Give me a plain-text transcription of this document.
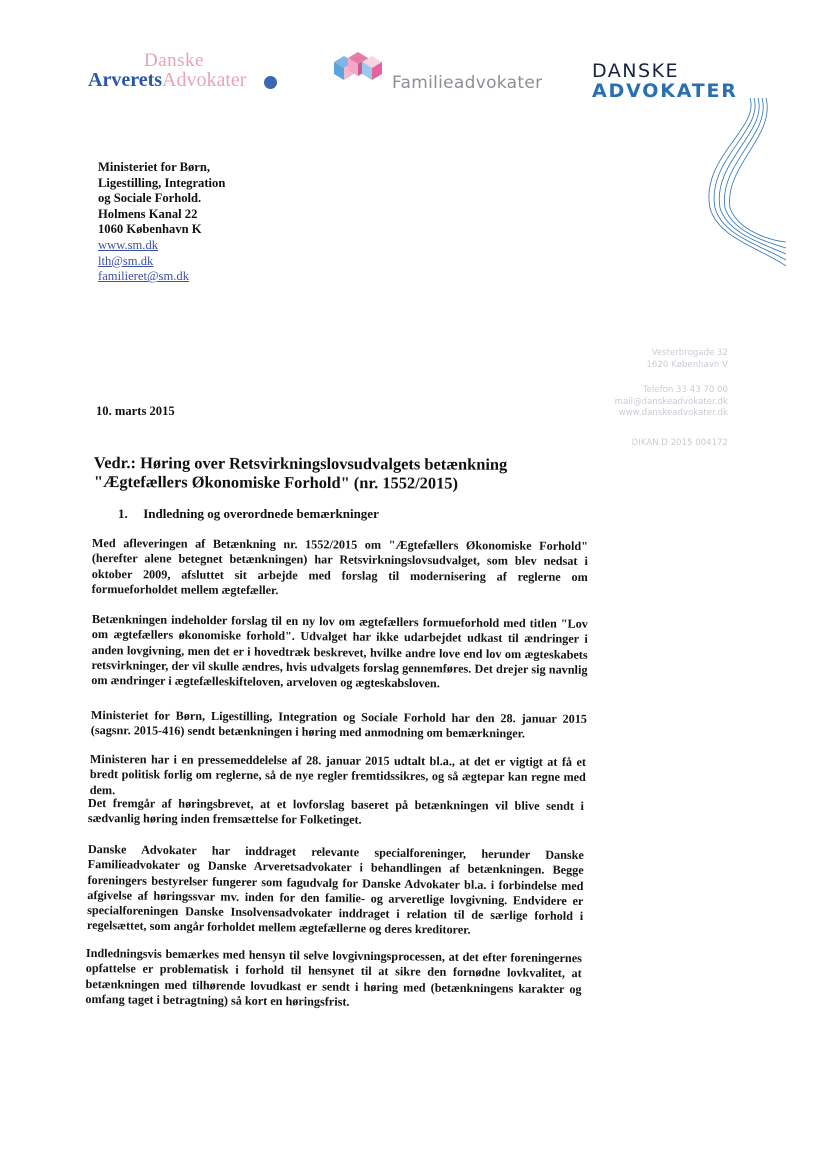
Danske
ArveretsAdvokater	Familieadvokater
DANSKE
ADVOKATER
Ministeriet for Børn,
Ligestilling, Integration
og Sociale Forhold.
Holmens Kanal 22
1060 København K
www.sm.dk
lth@sm.dk
familieret@sm.dk
Vesterbrogade 32
1620 København V
Telefon 33 43 70 00
mail@danskeadvokater.dk
www.danskeadvokater.dk
DIKAN.D 2015 004172
10. marts 2015
Vedr.: Høring over Retsvirkningslovsudvalgets betænkning
"Ægtefællers Økonomiske Forhold" (nr. 1552/2015)
1. Indledning og overordnede bemærkninger
Med afleveringen af Betænkning nr. 1552/2015 om "Ægtefællers Økonomiske Forhold" (herefter alene betegnet betænkningen) har Retsvirkningslovsudvalget, som blev nedsat i oktober 2009, afsluttet sit arbejde med forslag til modernisering af reglerne om formueforholdet mellem ægtefæller.
Betænkningen indeholder forslag til en ny lov om ægtefællers formueforhold med titlen "Lov om ægtefællers økonomiske forhold". Udvalget har ikke udarbejdet udkast til ændringer i anden lovgivning, men det er i hovedtræk beskrevet, hvilke andre love end lov om ægteskabets retsvirkninger, der vil skulle ændres, hvis udvalgets forslag gennemføres. Det drejer sig navnlig om ændringer i ægtefælleskifteloven, arveloven og ægteskabsloven.
Ministeriet for Børn, Ligestilling, Integration og Sociale Forhold har den 28. januar 2015 (sagsnr. 2015-416) sendt betænkningen i høring med anmodning om bemærkninger.
Ministeren har i en pressemeddelelse af 28. januar 2015 udtalt bl.a., at det er vigtigt at få et bredt politisk forlig om reglerne, så de nye regler fremtidssikres, og så ægtepar kan regne med dem.
Det fremgår af høringsbrevet, at et lovforslag baseret på betænkningen vil blive sendt i sædvanlig høring inden fremsættelse for Folketinget.
Danske Advokater har inddraget relevante specialforeninger, herunder Danske Familieadvokater og Danske Arveretsadvokater i behandlingen af betænkningen. Begge foreningers bestyrelser fungerer som fagudvalg for Danske Advokater bl.a. i forbindelse med afgivelse af høringssvar mv. inden for den familie- og arveretlige lovgivning. Endvidere er specialforeningen Danske Insolvensadvokater inddraget i relation til de særlige forhold i regelsættet, som angår forholdet mellem ægtefællerne og deres kreditorer.
Indledningsvis bemærkes med hensyn til selve lovgivningsprocessen, at det efter foreningernes opfattelse er problematisk i forhold til hensynet til at sikre den fornødne lovkvalitet, at betænkningen med tilhørende lovudkast er sendt i høring med (betænkningens karakter og omfang taget i betragtning) så kort en høringsfrist.
